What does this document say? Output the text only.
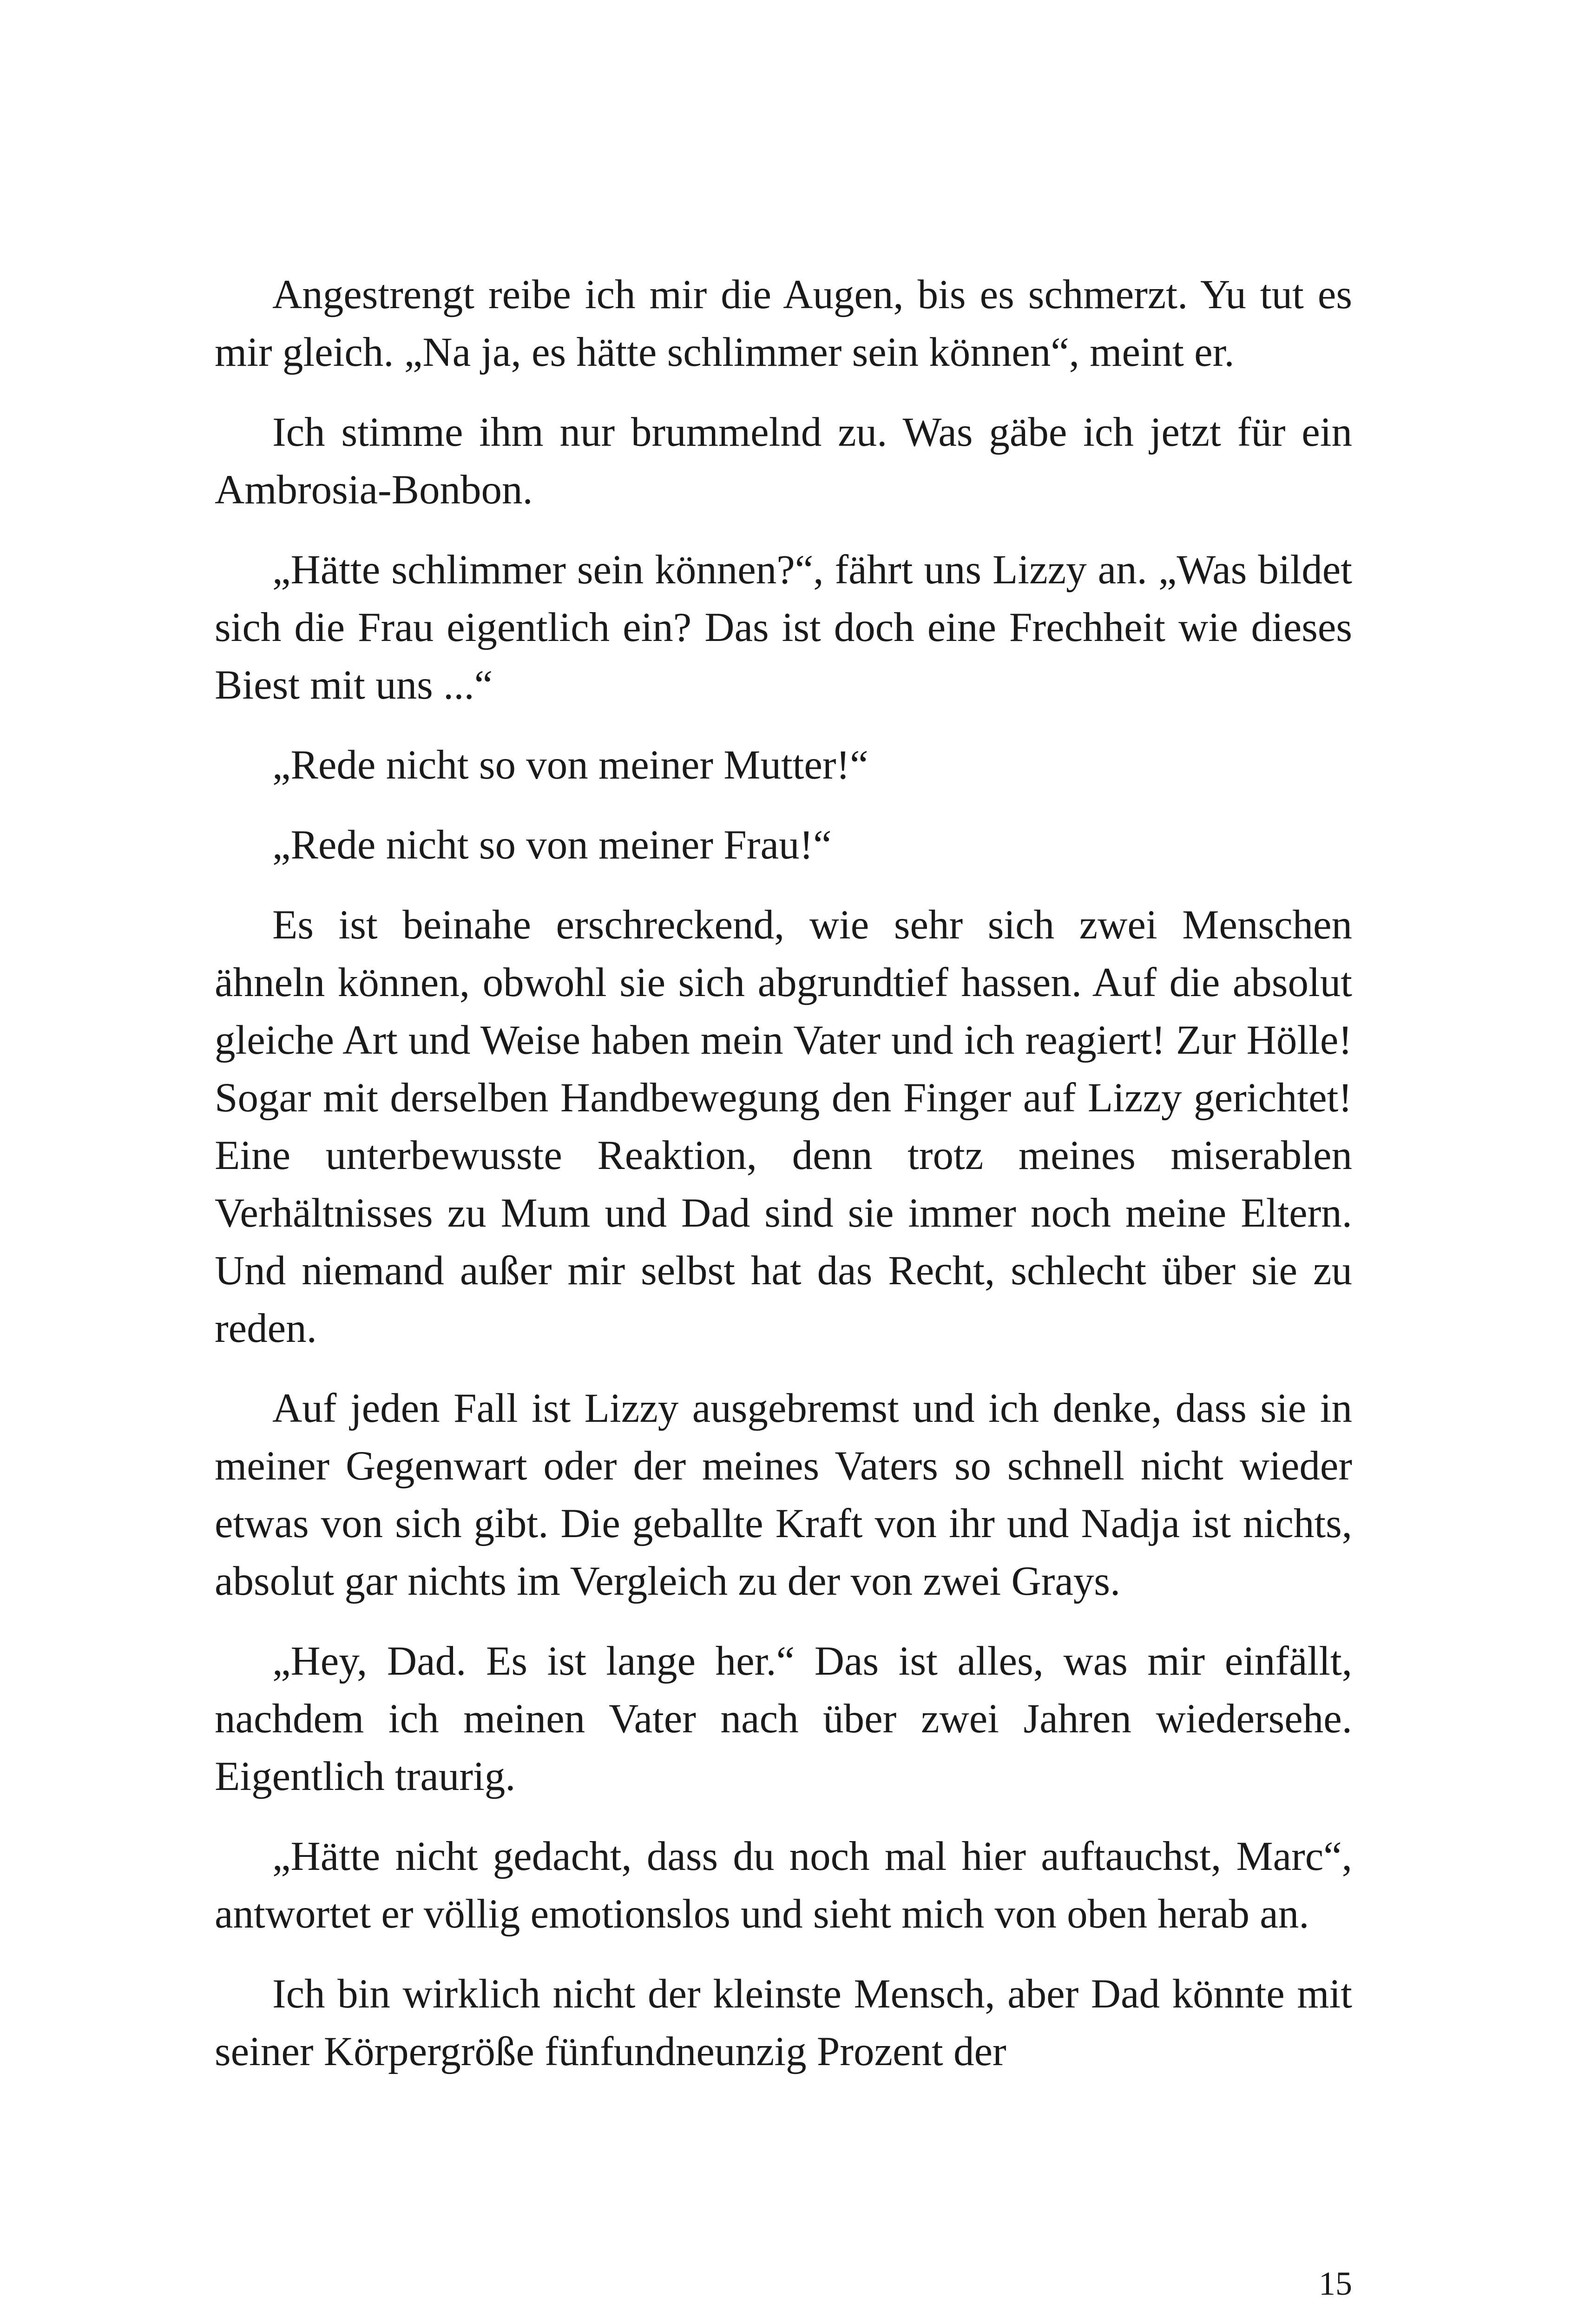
Angestrengt reibe ich mir die Augen, bis es schmerzt. Yu tut es mir gleich. „Na ja, es hätte schlimmer sein können“, meint er.

Ich stimme ihm nur brummelnd zu. Was gäbe ich jetzt für ein Ambrosia-Bonbon.

„Hätte schlimmer sein können?“, fährt uns Lizzy an. „Was bildet sich die Frau eigentlich ein? Das ist doch eine Frechheit wie dieses Biest mit uns ...“

„Rede nicht so von meiner Mutter!“

„Rede nicht so von meiner Frau!“

Es ist beinahe erschreckend, wie sehr sich zwei Menschen ähneln können, obwohl sie sich abgrundtief hassen. Auf die absolut gleiche Art und Weise haben mein Vater und ich reagiert! Zur Hölle! Sogar mit derselben Handbewegung den Finger auf Lizzy gerichtet! Eine unterbewusste Reaktion, denn trotz meines miserablen Verhältnisses zu Mum und Dad sind sie immer noch meine Eltern. Und niemand außer mir selbst hat das Recht, schlecht über sie zu reden.

Auf jeden Fall ist Lizzy ausgebremst und ich denke, dass sie in meiner Gegenwart oder der meines Vaters so schnell nicht wieder etwas von sich gibt. Die geballte Kraft von ihr und Nadja ist nichts, absolut gar nichts im Vergleich zu der von zwei Grays.

„Hey, Dad. Es ist lange her.“ Das ist alles, was mir einfällt, nachdem ich meinen Vater nach über zwei Jahren wiedersehe. Eigentlich traurig.

„Hätte nicht gedacht, dass du noch mal hier auftauchst, Marc“, antwortet er völlig emotionslos und sieht mich von oben herab an.

Ich bin wirklich nicht der kleinste Mensch, aber Dad könnte mit seiner Körpergröße fünfundneunzig Prozent der

15
